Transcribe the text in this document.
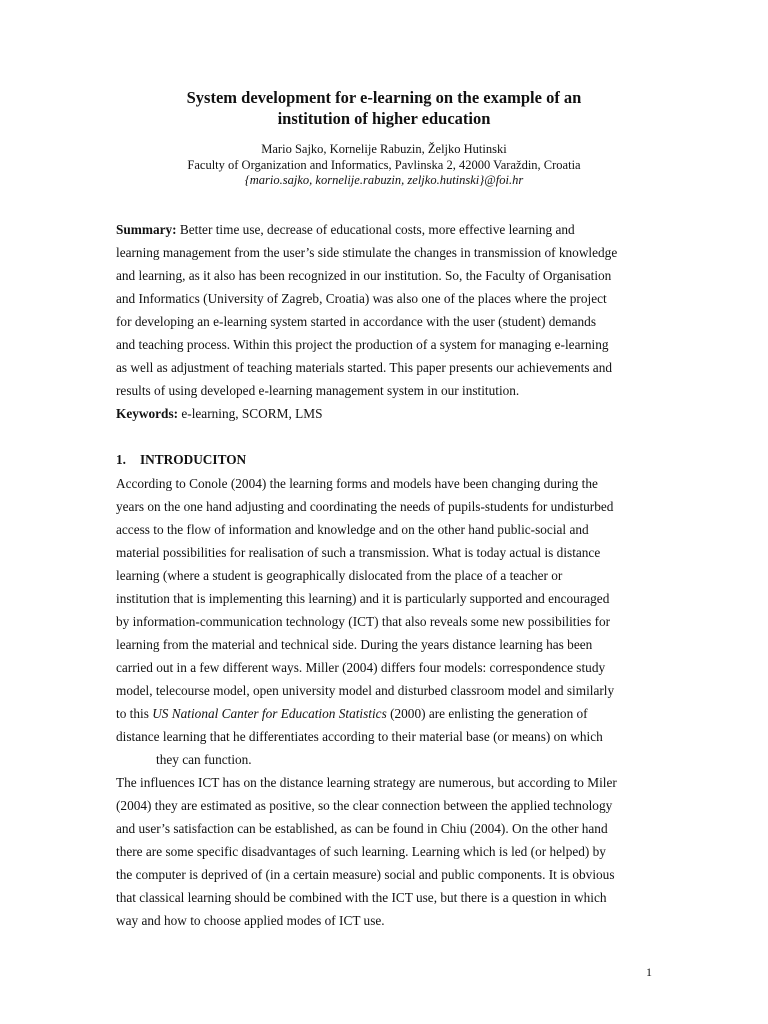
System development for e-learning on the example of an
institution of higher education
Mario Sajko, Kornelije Rabuzin, Željko Hutinski
Faculty of Organization and Informatics, Pavlinska 2, 42000 Varaždin, Croatia
{mario.sajko, kornelije.rabuzin, zeljko.hutinski}@foi.hr
Summary: Better time use, decrease of educational costs, more effective learning and
learning management from the user’s side stimulate the changes in transmission of knowledge
and learning, as it also has been recognized in our institution. So, the Faculty of Organisation
and Informatics (University of Zagreb, Croatia) was also one of the places where the project
for developing an e-learning system started in accordance with the user (student) demands
and teaching process. Within this project the production of a system for managing e-learning
as well as adjustment of teaching materials started. This paper presents our achievements and
results of using developed e-learning management system in our institution.
Keywords: e-learning, SCORM, LMS
1. INTRODUCITON
According to Conole (2004) the learning forms and models have been changing during the
years on the one hand adjusting and coordinating the needs of pupils-students for undisturbed
access to the flow of information and knowledge and on the other hand public-social and
material possibilities for realisation of such a transmission. What is today actual is distance
learning (where a student is geographically dislocated from the place of a teacher or
institution that is implementing this learning) and it is particularly supported and encouraged
by information-communication technology (ICT) that also reveals some new possibilities for
learning from the material and technical side. During the years distance learning has been
carried out in a few different ways. Miller (2004) differs four models: correspondence study
model, telecourse model, open university model and disturbed classroom model and similarly
to this US National Canter for Education Statistics (2000) are enlisting the generation of
distance learning that he differentiates according to their material base (or means) on which
they can function.
The influences ICT has on the distance learning strategy are numerous, but according to Miler
(2004) they are estimated as positive, so the clear connection between the applied technology
and user’s satisfaction can be established, as can be found in Chiu (2004). On the other hand
there are some specific disadvantages of such learning. Learning which is led (or helped) by
the computer is deprived of (in a certain measure) social and public components. It is obvious
that classical learning should be combined with the ICT use, but there is a question in which
way and how to choose applied modes of ICT use.
1
